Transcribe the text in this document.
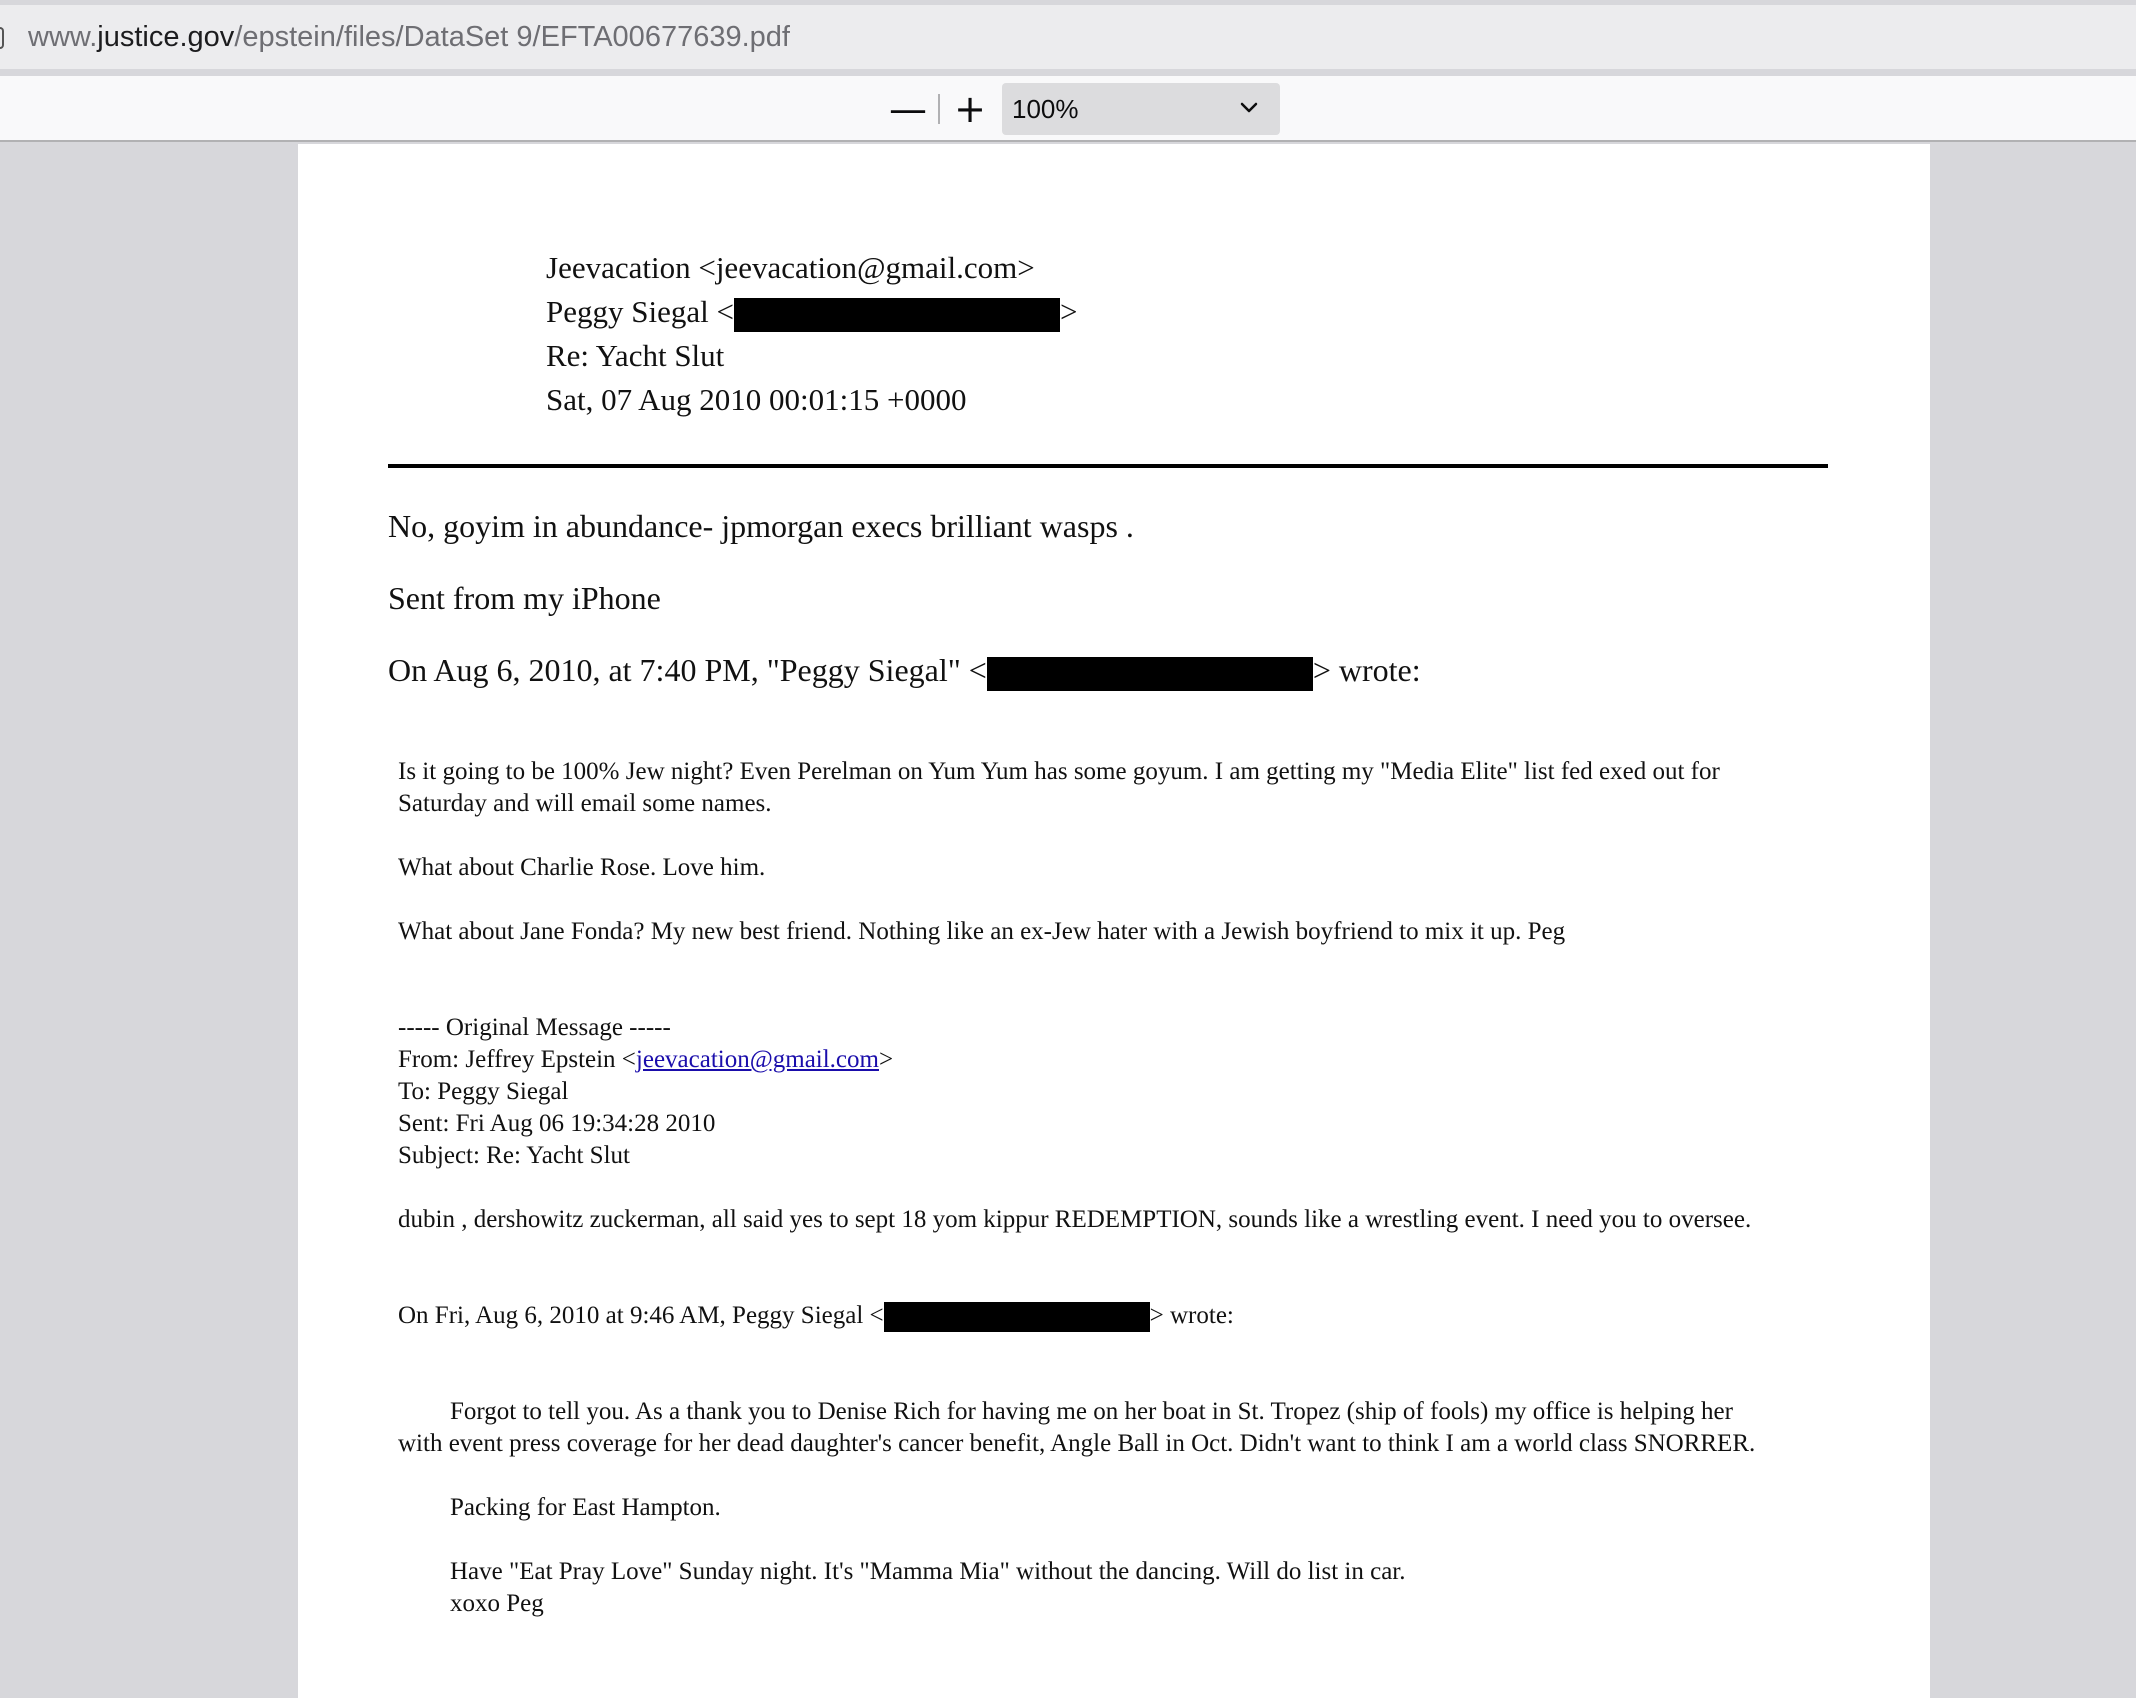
www.justice.gov/epstein/files/DataSet 9/EFTA00677639.pdf
— + 100%
Jeevacation <jeevacation@gmail.com>
Peggy Siegal <	>
Re: Yacht Slut
Sat, 07 Aug 2010 00:01:15 +0000
No, goyim in abundance- jpmorgan execs brilliant wasps .
Sent from my iPhone
On Aug 6, 2010, at 7:40 PM, "Peggy Siegal" <	> wrote:
Is it going to be 100% Jew night? Even Perelman on Yum Yum has some goyum. I am getting my "Media Elite" list fed exed out for
Saturday and will email some names.
What about Charlie Rose. Love him.
What about Jane Fonda? My new best friend. Nothing like an ex-Jew hater with a Jewish boyfriend to mix it up. Peg
----- Original Message -----
From: Jeffrey Epstein <jeevacation@gmail.com>
To: Peggy Siegal
Sent: Fri Aug 06 19:34:28 2010
Subject: Re: Yacht Slut
dubin , dershowitz zuckerman, all said yes to sept 18 yom kippur REDEMPTION, sounds like a wrestling event. I need you to oversee.
On Fri, Aug 6, 2010 at 9:46 AM, Peggy Siegal <	> wrote:
Forgot to tell you. As a thank you to Denise Rich for having me on her boat in St. Tropez (ship of fools) my office is helping her
with event press coverage for her dead daughter's cancer benefit, Angle Ball in Oct. Didn't want to think I am a world class SNORRER.
Packing for East Hampton.
Have "Eat Pray Love" Sunday night. It's "Mamma Mia" without the dancing. Will do list in car.
xoxo Peg
